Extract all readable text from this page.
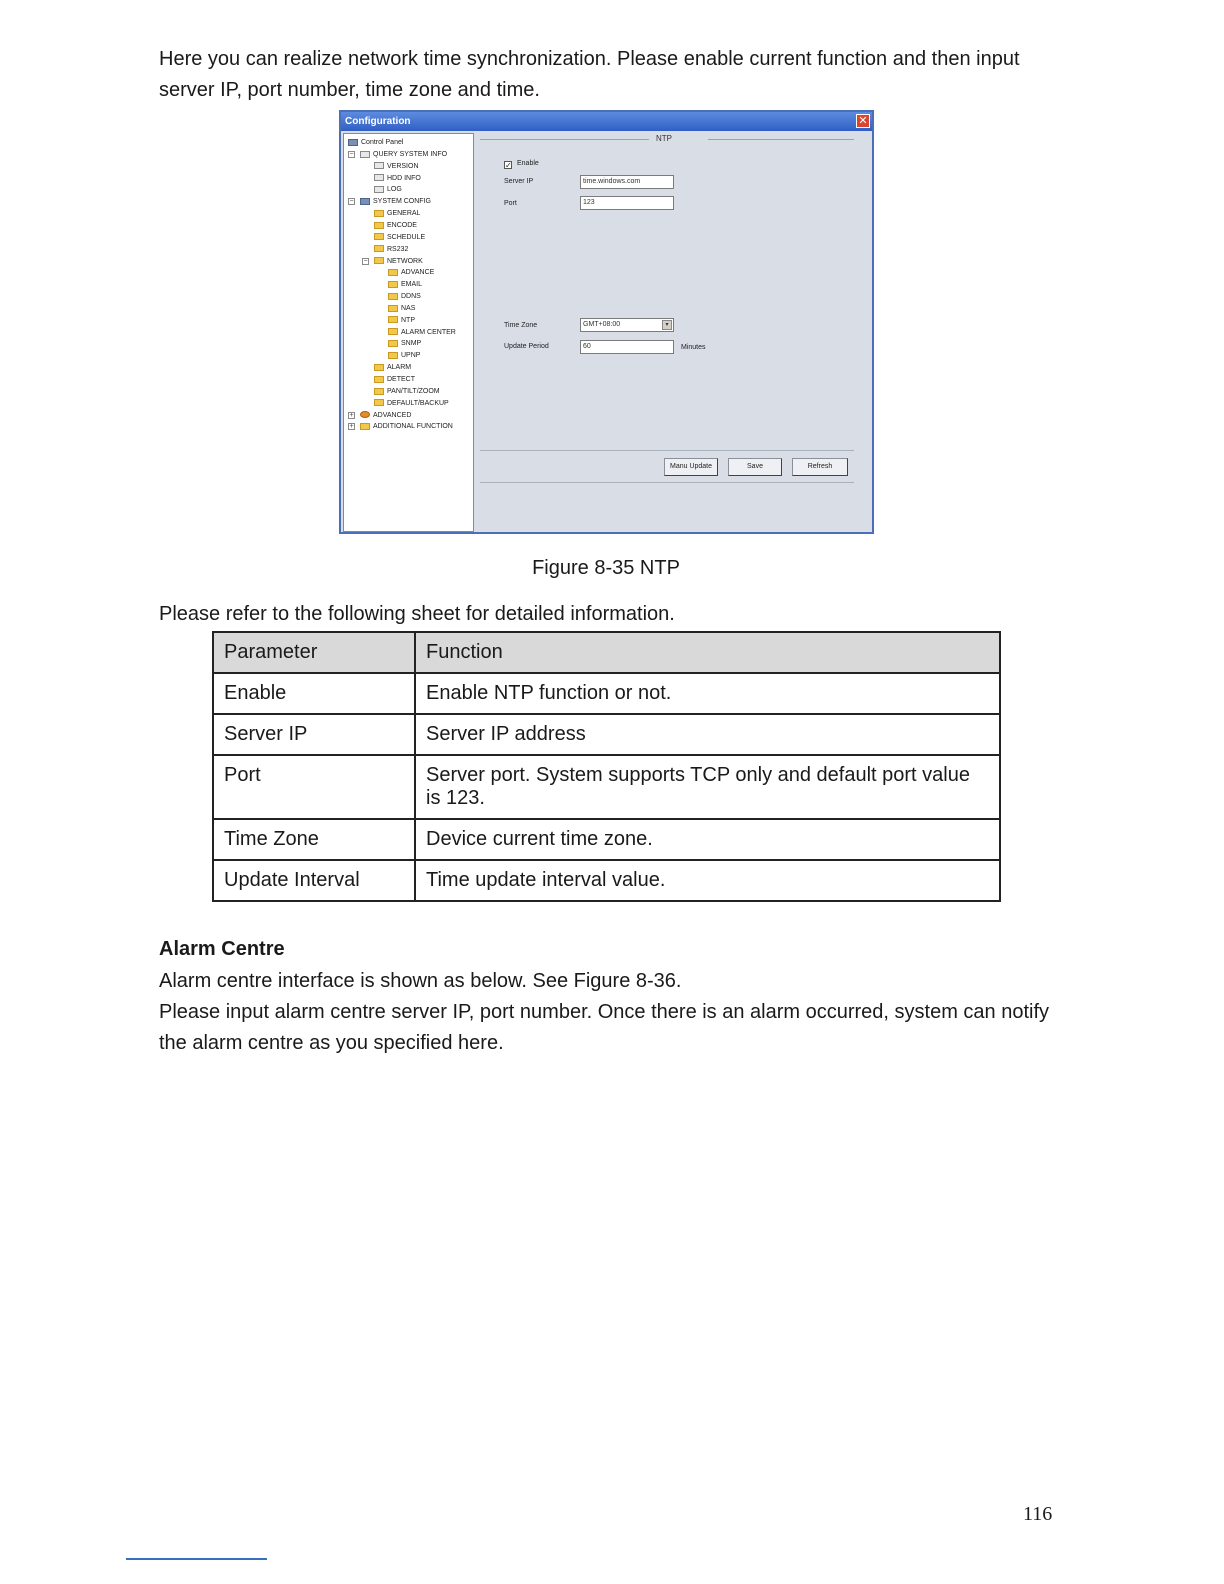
Here you can realize network time synchronization. Please enable current function and then input server IP, port number, time zone and time.

Configuration	✕
Control Panel
−	QUERY SYSTEM INFO
VERSION
HDD INFO
LOG
−	SYSTEM CONFIG
GENERAL
ENCODE
SCHEDULE
RS232
−	NETWORK
ADVANCE
EMAIL
DDNS
NAS
NTP
ALARM CENTER
SNMP
UPNP
ALARM
DETECT
PAN/TILT/ZOOM
DEFAULT/BACKUP
+	ADVANCED
+	ADDITIONAL FUNCTION
NTP
✓ Enable
Server IP	time.windows.com
Port	123
Time Zone	GMT+08:00	▾
Update Period	60	Minutes
Manu Update	Save	Refresh
Figure 8-35 NTP
Please refer to the following sheet for detailed information.
Parameter	Function
Enable	Enable NTP function or not.
Server IP	Server IP address
Port	Server port. System supports TCP only and default port value is 123.
Time Zone	Device current time zone.
Update Interval	Time update interval value.
Alarm Centre

Alarm centre interface is shown as below. See Figure 8-36.

Please input alarm centre server IP, port number. Once there is an alarm occurred, system can notify the alarm centre as you specified here.

116
